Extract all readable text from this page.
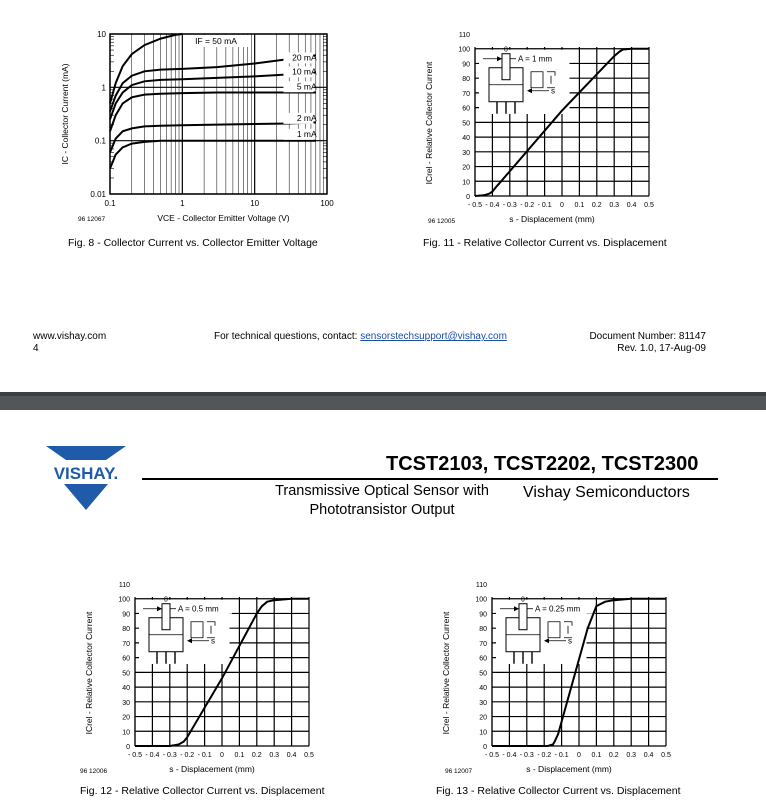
0.1	1	10	100
0.01
0.1
1
10
IF = 50 mA
20 mA
10 mA
5 mA
2 mA
1 mA
VCE - Collector Emitter Voltage (V)
IC - Collector Current (mA)
96 12067
Fig. 8 - Collector Current vs. Collector Emitter Voltage
- 0.5 - 0.4 - 0.3 - 0.2 - 0.1 0 0.1 0.2 0.3 0.4 0.5
0
10
20
30
40
50
60
70
80
90
100
110
0
A = 1 mm
s
s - Displacement (mm)
ICrel - Relative Collector Current
96 12005
Fig. 11 - Relative Collector Current vs. Displacement
www.vishay.com
4
For technical questions, contact: sensorstechsupport@vishay.com	Document Number: 81147
Rev. 1.0, 17-Aug-09
VISHAY.	TCST2103, TCST2202, TCST2300
Transmissive Optical Sensor with
Phototransistor Output
Vishay Semiconductors
- 0.5 - 0.4 - 0.3 - 0.2 - 0.1 0 0.1 0.2 0.3 0.4 0.5
0
10
20
30
40
50
60
70
80
90
100
110
0
A = 0.5 mm
s
s - Displacement (mm)
ICrel - Relative Collector Current
96 12006
Fig. 12 - Relative Collector Current vs. Displacement
- 0.5 - 0.4 - 0.3 - 0.2 - 0.1 0 0.1 0.2 0.3 0.4 0.5
0
10
20
30
40
50
60
70
80
90
100
110
0
A = 0.25 mm
s
s - Displacement (mm)
ICrel - Relative Collector Current
96 12007
Fig. 13 - Relative Collector Current vs. Displacement
